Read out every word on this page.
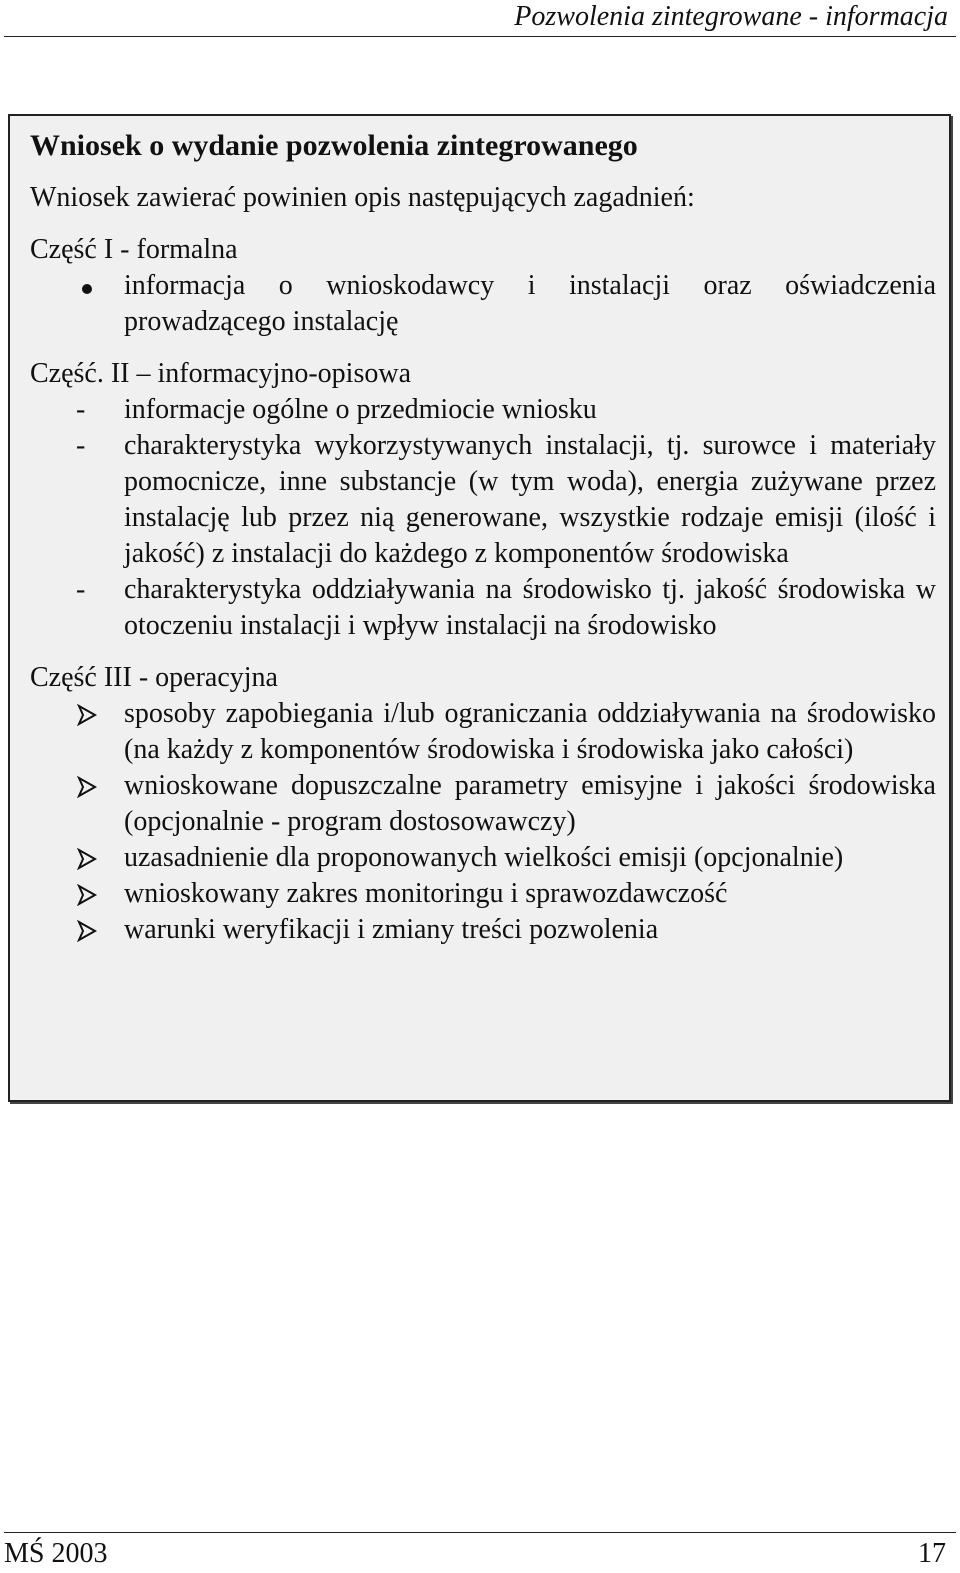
Pozwolenia zintegrowane - informacja

Wniosek o wydanie pozwolenia zintegrowanego

Wniosek zawierać powinien opis następujących zagadnień:

Część I - formalna
informacja o wnioskodawcy i instalacji oraz oświadczenia prowadzącego instalację
Część. II – informacyjno-opisowa
-	informacje ogólne o przedmiocie wniosku
-	charakterystyka wykorzystywanych instalacji, tj. surowce i materiały pomocnicze, inne substancje (w tym woda), energia zużywane przez instalację lub przez nią generowane, wszystkie rodzaje emisji (ilość i jakość) z instalacji do każdego z komponentów środowiska
-	charakterystyka oddziaływania na środowisko tj. jakość środowiska w otoczeniu instalacji i wpływ instalacji na środowisko
Część III - operacyjna
sposoby zapobiegania i/lub ograniczania oddziaływania na środowisko (na każdy z komponentów środowiska i środowiska jako całości)
wnioskowane dopuszczalne parametry emisyjne i jakości środowiska (opcjonalnie - program dostosowawczy)
uzasadnienie dla proponowanych wielkości emisji (opcjonalnie)
wnioskowany zakres monitoringu i sprawozdawczość
warunki weryfikacji i zmiany treści pozwolenia
MŚ 2003	17
